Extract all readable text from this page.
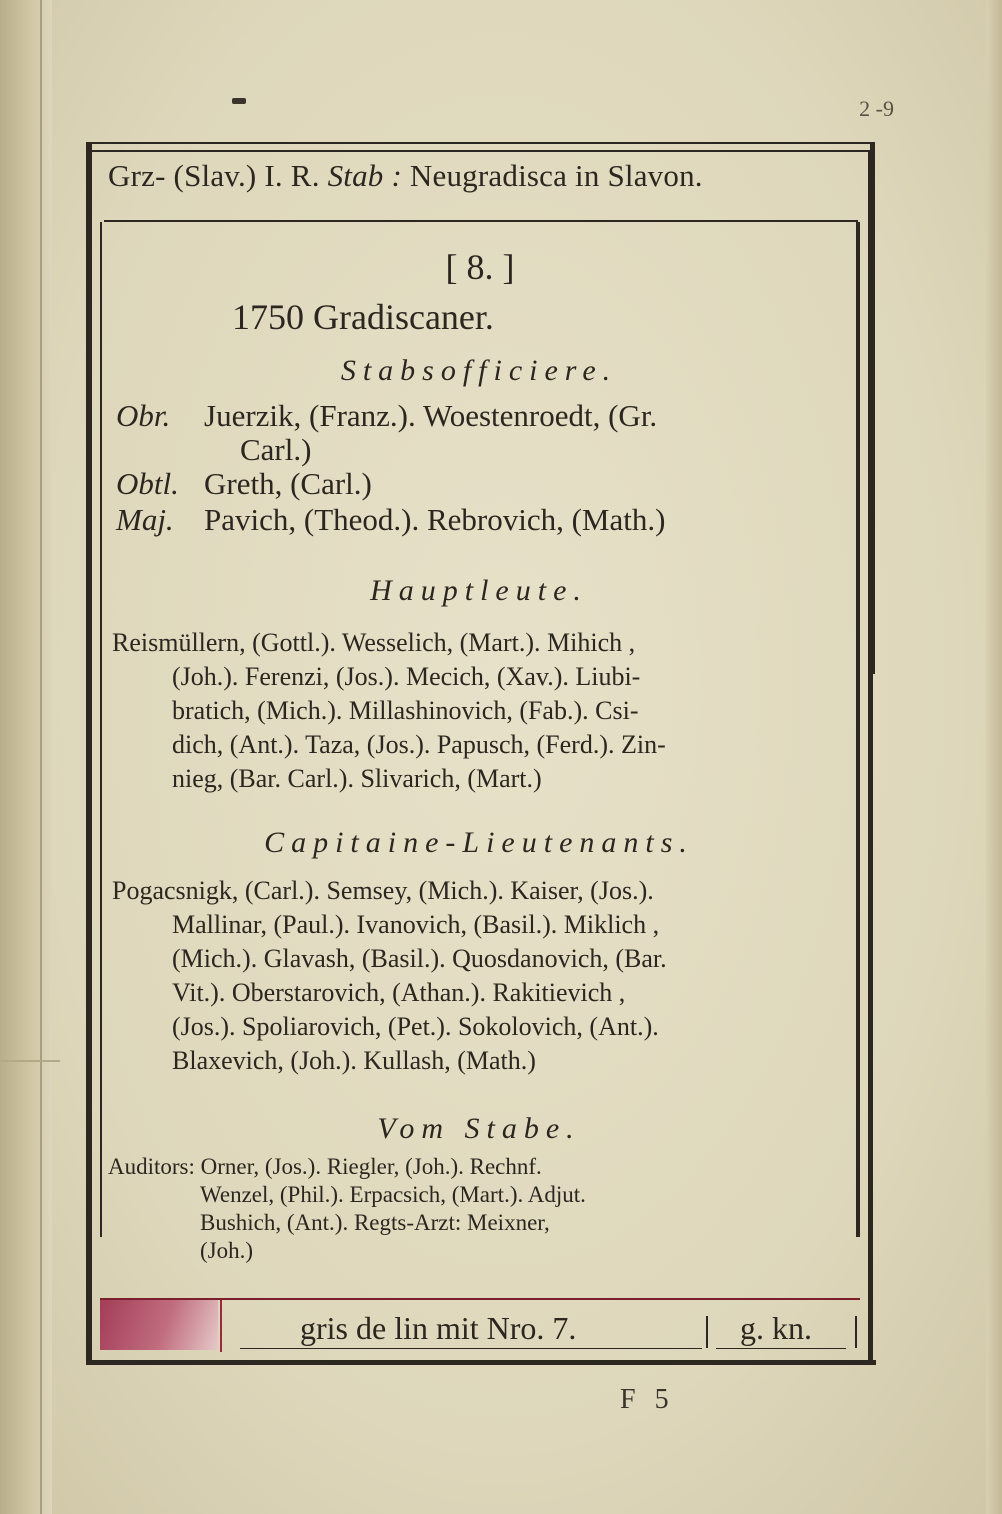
2 -9
Grz- (Slav.) I. R. Stab : Neugradisca in Slavon.
[ 8. ]
1750 Gradiscaner.
Stabsofficiere.
Obr. Juerzik, (Franz.). Woestenroedt, (Gr.
Carl.)
Obtl. Greth, (Carl.)
Maj. Pavich, (Theod.). Rebrovich, (Math.)
Hauptleute.
Reismüllern, (Gottl.). Wesselich, (Mart.). Mihich ,
(Joh.). Ferenzi, (Jos.). Mecich, (Xav.). Liubi-
bratich, (Mich.). Millashinovich, (Fab.). Csi-
dich, (Ant.). Taza, (Jos.). Papusch, (Ferd.). Zin-
nieg, (Bar. Carl.). Slivarich, (Mart.)
Capitaine-Lieutenants.
Pogacsnigk, (Carl.). Semsey, (Mich.). Kaiser, (Jos.).
Mallinar, (Paul.). Ivanovich, (Basil.). Miklich ,
(Mich.). Glavash, (Basil.). Quosdanovich, (Bar.
Vit.). Oberstarovich, (Athan.). Rakitievich ,
(Jos.). Spoliarovich, (Pet.). Sokolovich, (Ant.).
Blaxevich, (Joh.). Kullash, (Math.)
Vom Stabe.
Auditors: Orner, (Jos.). Riegler, (Joh.). Rechnf.
Wenzel, (Phil.). Erpacsich, (Mart.). Adjut.
Bushich, (Ant.). Regts-Arzt: Meixner,
(Joh.)
gris de lin mit Nro. 7.	g. kn.
F 5
